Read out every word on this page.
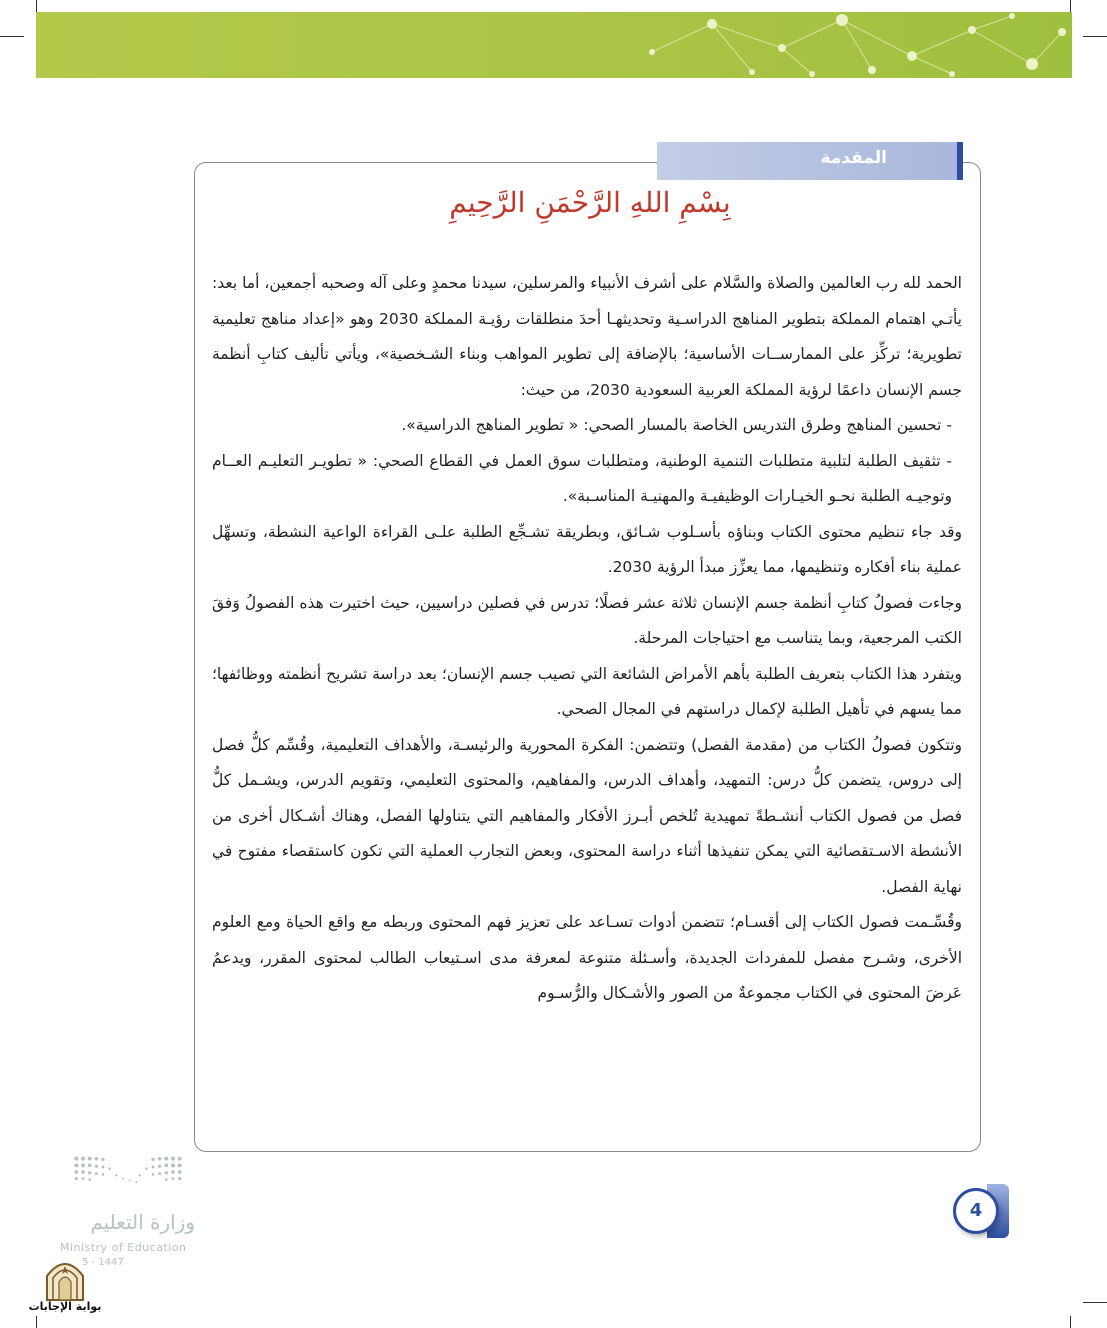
المقدمة
بِسْمِ اللهِ الرَّحْمَنِ الرَّحِيمِ

الحمد لله رب العالمين والصلاة والسَّلام على أشرف الأنبياء والمرسلين، سيدنا محمدٍ وعلى آله وصحبه أجمعين، أما بعد:

يأتـي اهتمام المملكة بتطوير المناهج الدراسـية وتحديثهـا أحدَ منطلقات رؤيـة المملكة 2030 وهو «إعداد مناهج تعليمية تطويرية؛ تركِّز على الممارســات الأساسية؛ بالإضافة إلى تطوير المواهب وبناء الشـخصية»، ويأتي تأليف كتابِ أنظمة جسم الإنسان داعمًا لرؤية المملكة العربية السعودية 2030، من حيث:

- تحسين المناهج وطرق التدريس الخاصة بالمسار الصحي: « تطوير المناهج الدراسية».

- تثقيف الطلبة لتلبية متطلبات التنمية الوطنية، ومتطلبات سوق العمل في القطاع الصحي: « تطويـر التعليـم العــام وتوجيـه الطلبة نحـو الخيـارات الوظيفيـة والمهنيـة المناسـبة».

وقد جاء تنظيم محتوى الكتاب وبناؤه بأسـلوب شـائق، وبطريقة تشـجِّع الطلبة علـى القراءة الواعية النشطة، وتسهِّل عملية بناء أفكاره وتنظيمها، مما يعزِّز مبدأ الرؤية 2030.

وجاءت فصولُ كتابِ أنظمة جسم الإنسان ثلاثة عشر فصلًا؛ تدرس في فصلين دراسيين، حيث اختيرت هذه الفصولُ وَفقَ الكتب المرجعية، وبما يتناسب مع احتياجات المرحلة.

ويتفرد هذا الكتاب بتعريف الطلبة بأهم الأمراض الشائعة التي تصيب جسم الإنسان؛ بعد دراسة تشريح أنظمته ووظائفها؛ مما يسهم في تأهيل الطلبة لإكمال دراستهم في المجال الصحي.

وتتكون فصولُ الكتاب من (مقدمة الفصل) وتتضمن: الفكرة المحورية والرئيسـة، والأهداف التعليمية، وقُسِّم كلُّ فصل إلى دروس، يتضمن كلُّ درس: التمهيد، وأهداف الدرس، والمفاهيم، والمحتوى التعليمي، وتقويم الدرس، ويشـمل كلُّ فصل من فصول الكتاب أنشـطةً تمهيدية تُلخص أبـرز الأفكار والمفاهيم التي يتناولها الفصل، وهناك أشـكال أخرى من الأنشطة الاسـتقصائية التي يمكن تنفيذها أثناء دراسة المحتوى، وبعض التجارب العملية التي تكون كاستقصاء مفتوح في نهاية الفصل.

وقُسِّـمت فصول الكتاب إلى أقسـام؛ تتضمن أدوات تسـاعد على تعزيز فهم المحتوى وربطه مع واقع الحياة ومع العلوم الأخرى، وشـرح مفصل للمفردات الجديدة، وأسـئلة متنوعة لمعرفة مدى اسـتيعاب الطالب لمحتوى المقرر، ويدعمُ عَرضَ المحتوى في الكتاب مجموعةٌ من الصور والأشـكال والرُّسـوم

4
وزارة التعليم
Ministry of Education
5 - 1447
بوابة الإجابات
